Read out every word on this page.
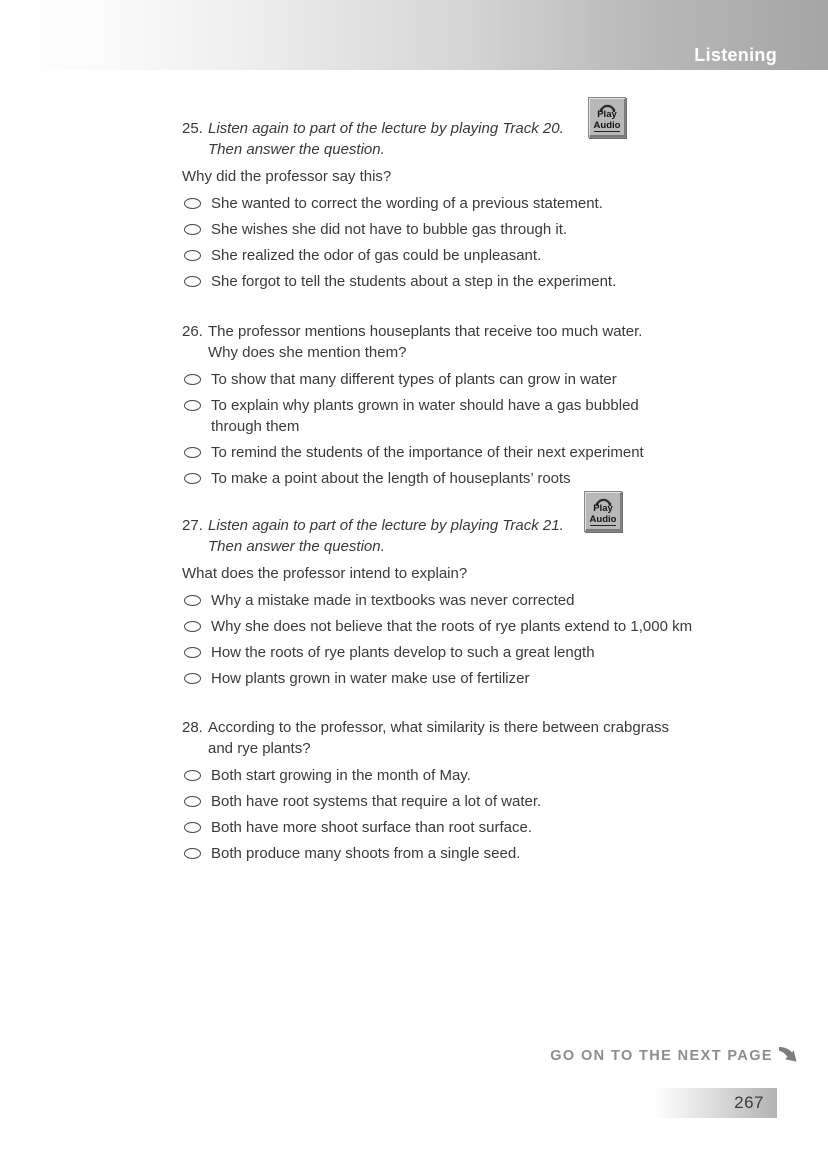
Listening
25. Listen again to part of the lecture by playing Track 20.
Then answer the question.
Why did the professor say this?
She wanted to correct the wording of a previous statement.
She wishes she did not have to bubble gas through it.
She realized the odor of gas could be unpleasant.
She forgot to tell the students about a step in the experiment.
26. The professor mentions houseplants that receive too much water.
Why does she mention them?
To show that many different types of plants can grow in water
To explain why plants grown in water should have a gas bubbled
through them
To remind the students of the importance of their next experiment
To make a point about the length of houseplants’ roots
27. Listen again to part of the lecture by playing Track 21.
Then answer the question.
What does the professor intend to explain?
Why a mistake made in textbooks was never corrected
Why she does not believe that the roots of rye plants extend to 1,000 km
How the roots of rye plants develop to such a great length
How plants grown in water make use of fertilizer
28. According to the professor, what similarity is there between crabgrass
and rye plants?
Both start growing in the month of May.
Both have root systems that require a lot of water.
Both have more shoot surface than root surface.
Both produce many shoots from a single seed.
Play
Audio
Play
Audio
GO ON TO THE NEXT PAGE
267
